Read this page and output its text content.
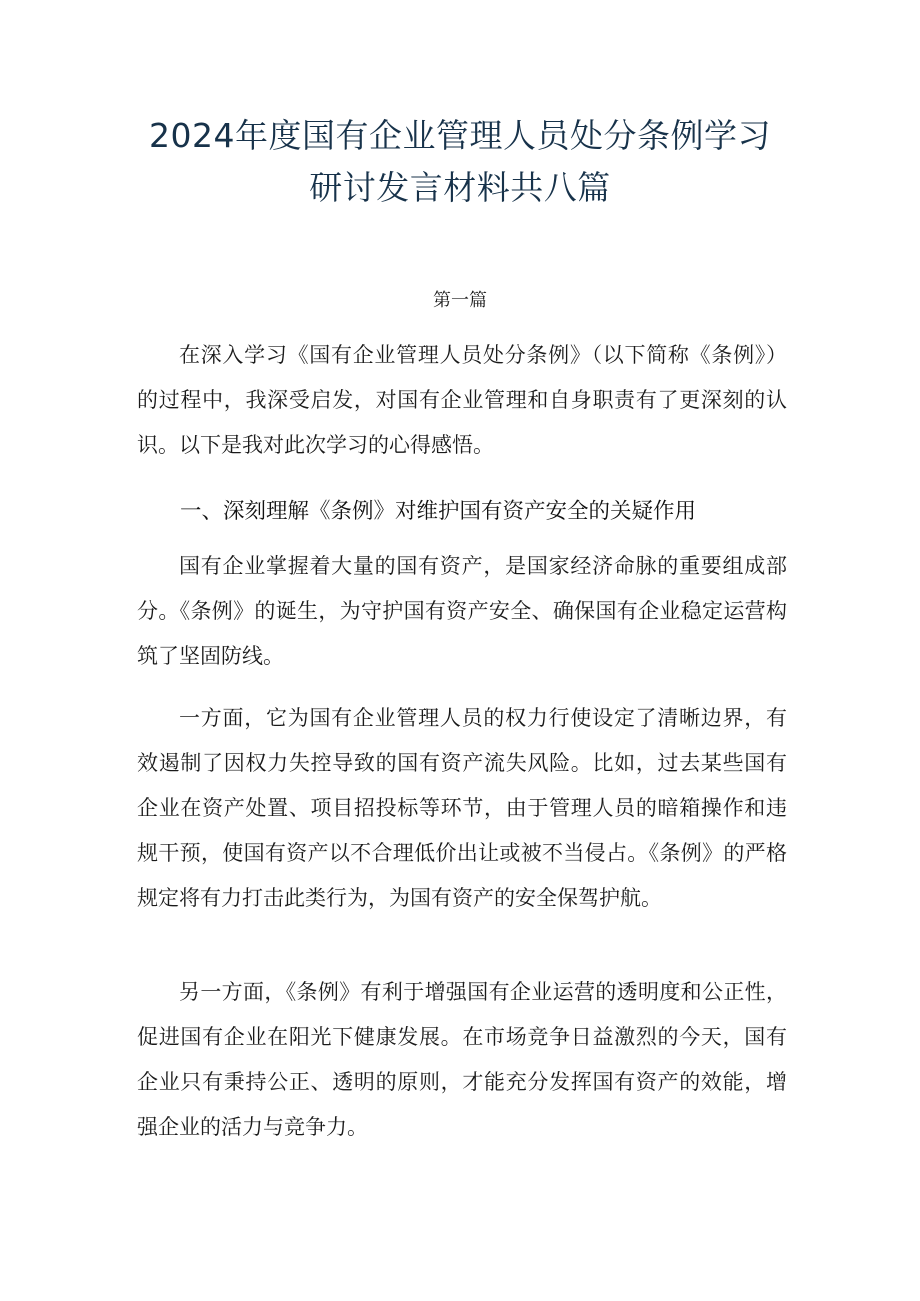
2024年度国有企业管理人员处分条例学习
研讨发言材料共八篇

第一篇

在深入学习《国有企业管理人员处分条例》（以下简称《条例》）的过程中，我深受启发，对国有企业管理和自身职责有了更深刻的认识。以下是我对此次学习的心得感悟。

一、深刻理解《条例》对维护国有资产安全的关疑作用

国有企业掌握着大量的国有资产，是国家经济命脉的重要组成部分。《条例》的诞生，为守护国有资产安全、确保国有企业稳定运营构筑了坚固防线。

一方面，它为国有企业管理人员的权力行使设定了清晰边界，有效遏制了因权力失控导致的国有资产流失风险。比如，过去某些国有企业在资产处置、项目招投标等环节，由于管理人员的暗箱操作和违规干预，使国有资产以不合理低价出让或被不当侵占。《条例》的严格规定将有力打击此类行为，为国有资产的安全保驾护航。

另一方面，《条例》有利于增强国有企业运营的透明度和公正性，促进国有企业在阳光下健康发展。在市场竞争日益激烈的今天，国有企业只有秉持公正、透明的原则，才能充分发挥国有资产的效能，增强企业的活力与竞争力。
